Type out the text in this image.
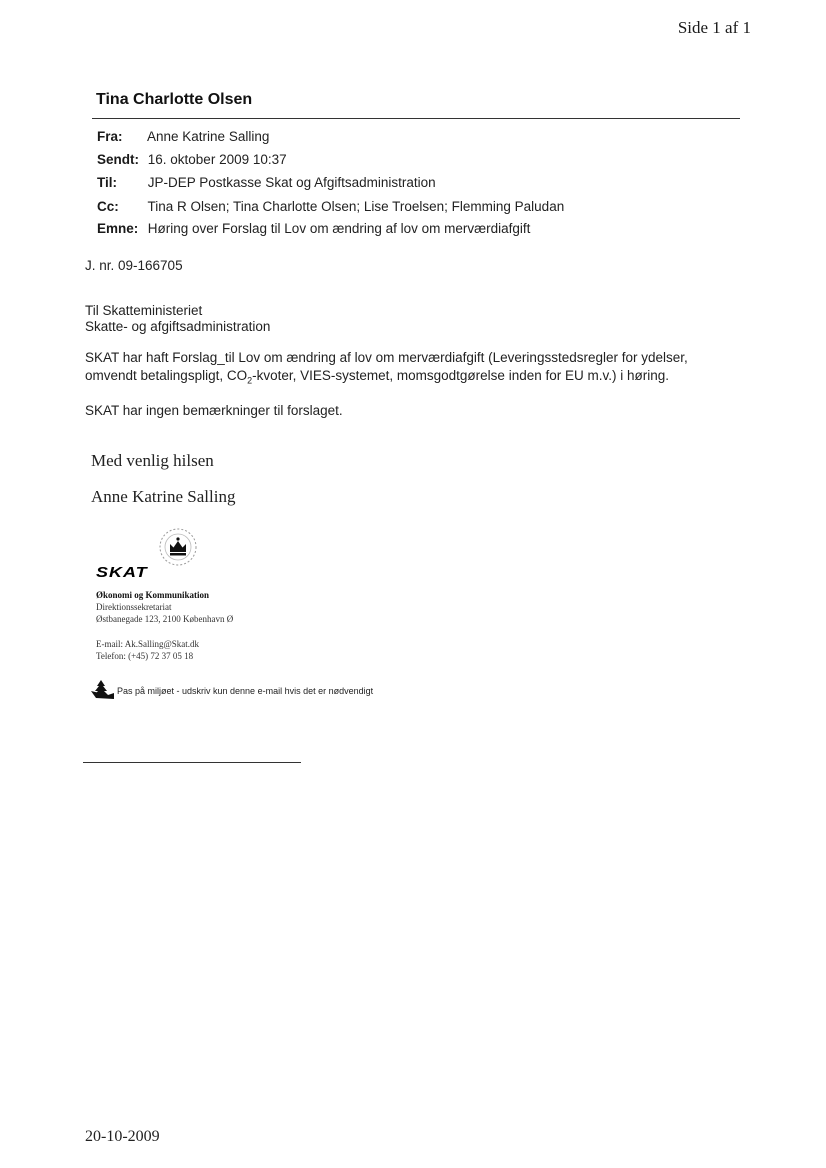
Side 1 af 1
Tina Charlotte Olsen
Fra: Anne Katrine Salling
Sendt: 16. oktober 2009 10:37
Til: JP-DEP Postkasse Skat og Afgiftsadministration
Cc: Tina R Olsen; Tina Charlotte Olsen; Lise Troelsen; Flemming Paludan
Emne: Høring over Forslag til Lov om ændring af lov om merværdiafgift
J. nr. 09-166705
Til Skatteministeriet
Skatte- og afgiftsadministration
SKAT har haft Forslag_til Lov om ændring af lov om merværdiafgift (Leveringsstedsregler for ydelser,
omvendt betalingspligt, $CO_2$-kvoter, VIES-systemet, momsgodtgørelse inden for EU m.v.) i høring.
SKAT har ingen bemærkninger til forslaget.
Med venlig hilsen
Anne Katrine Salling
SKAT
Økonomi og Kommunikation
Direktionssekretariat
Østbanegade 123, 2100 København Ø
E-mail: Ak.Salling@Skat.dk
Telefon: (+45) 72 37 05 18
Pas på miljøet - udskriv kun denne e-mail hvis det er nødvendigt
20-10-2009
